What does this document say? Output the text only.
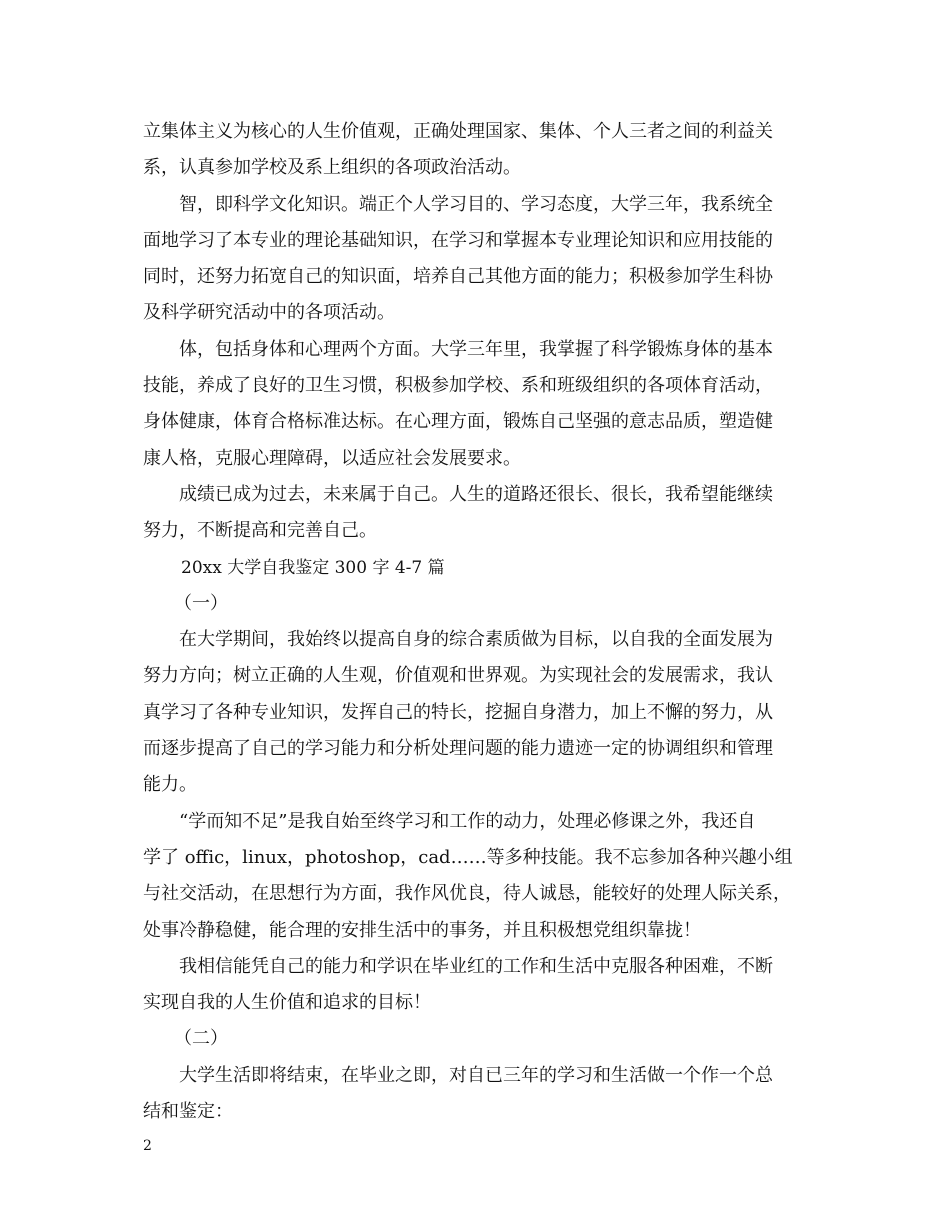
立集体主义为核心的人生价值观，正确处理国家、集体、个人三者之间的利益关
系，认真参加学校及系上组织的各项政治活动。
智，即科学文化知识。端正个人学习目的、学习态度，大学三年，我系统全
面地学习了本专业的理论基础知识，在学习和掌握本专业理论知识和应用技能的
同时，还努力拓宽自己的知识面，培养自己其他方面的能力；积极参加学生科协
及科学研究活动中的各项活动。
体，包括身体和心理两个方面。大学三年里，我掌握了科学锻炼身体的基本
技能，养成了良好的卫生习惯，积极参加学校、系和班级组织的各项体育活动，
身体健康，体育合格标准达标。在心理方面，锻炼自己坚强的意志品质，塑造健
康人格，克服心理障碍，以适应社会发展要求。
成绩已成为过去，未来属于自己。人生的道路还很长、很长，我希望能继续
努力，不断提高和完善自己。
20xx 大学自我鉴定 300 字 4-7 篇
（一）
在大学期间，我始终以提高自身的综合素质做为目标，以自我的全面发展为
努力方向；树立正确的人生观，价值观和世界观。为实现社会的发展需求，我认
真学习了各种专业知识，发挥自己的特长，挖掘自身潜力，加上不懈的努力，从
而逐步提高了自己的学习能力和分析处理问题的能力遗迹一定的协调组织和管理
能力。
“学而知不足”是我自始至终学习和工作的动力，处理必修课之外，我还自
学了 offic，linux，photoshop，cad……等多种技能。我不忘参加各种兴趣小组
与社交活动，在思想行为方面，我作风优良，待人诚恳，能较好的处理人际关系，
处事冷静稳健，能合理的安排生活中的事务，并且积极想党组织靠拢！
我相信能凭自己的能力和学识在毕业红的工作和生活中克服各种困难，不断
实现自我的人生价值和追求的目标！
（二）
大学生活即将结束，在毕业之即，对自已三年的学习和生活做一个作一个总
结和鉴定：
2
